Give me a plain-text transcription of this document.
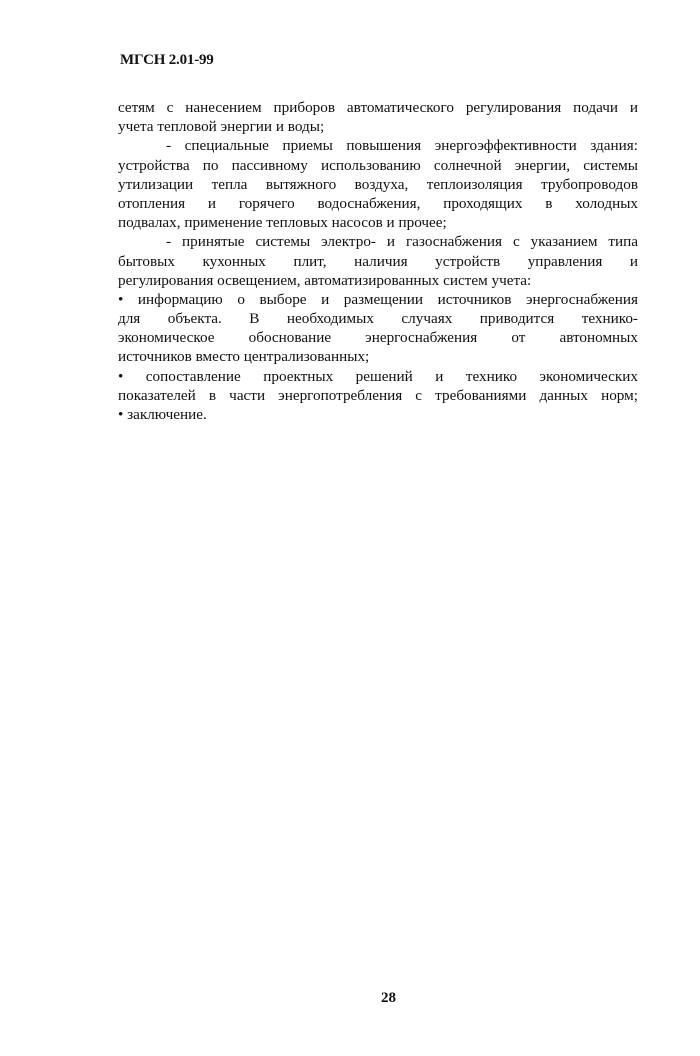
МГСН 2.01-99
сетям с нанесением приборов автоматического регулирования подачи и
учета тепловой энергии и воды;
- специальные приемы повышения энергоэффективности здания:
устройства по пассивному использованию солнечной энергии, системы
утилизации тепла вытяжного воздуха, теплоизоляция трубопроводов
отопления и горячего водоснабжения, проходящих в холодных
подвалах, применение тепловых насосов и прочее;
- принятые системы электро- и газоснабжения с указанием типа
бытовых кухонных плит, наличия устройств управления и
регулирования освещением, автоматизированных систем учета:
• информацию о выборе и размещении источников энергоснабжения
для объекта. В необходимых случаях приводится технико-
экономическое обоснование энергоснабжения от автономных
источников вместо централизованных;
• сопоставление проектных решений и технико экономических
показателей в части энергопотребления с требованиями данных норм;
• заключение.
28
